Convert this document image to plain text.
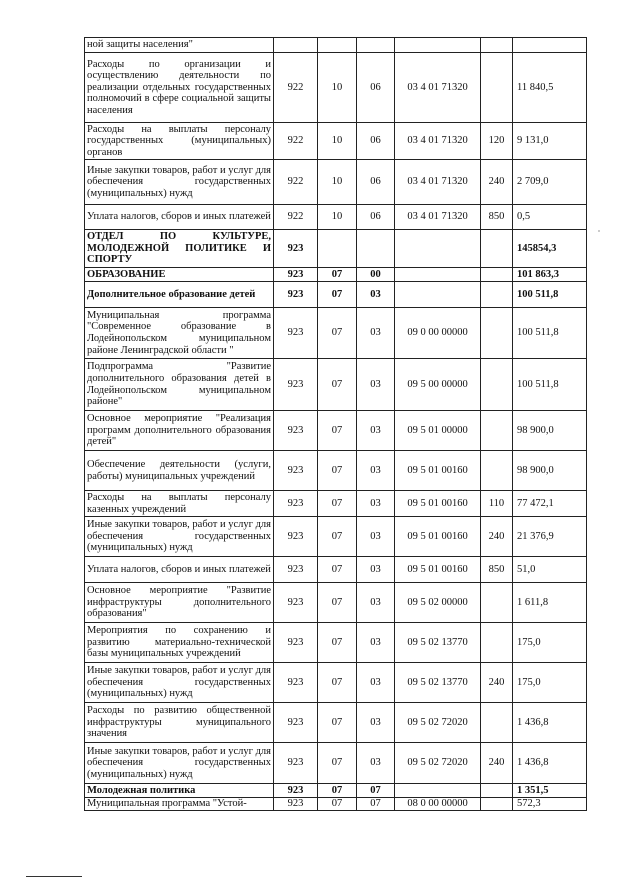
ной защиты населения"						
Расходы по организации и осуществлению деятельности по реализации отдельных государственных полномочий в сфере социальной защиты населения	922	10	06	03 4 01 71320		11 840,5
Расходы на выплаты персоналу государственных (муниципальных) органов	922	10	06	03 4 01 71320	120	9 131,0
Иные закупки товаров, работ и услуг для обеспечения государственных (муниципальных) нужд	922	10	06	03 4 01 71320	240	2 709,0
Уплата налогов, сборов и иных платежей	922	10	06	03 4 01 71320	850	0,5
ОТДЕЛ ПО КУЛЬТУРЕ, МОЛОДЕЖНОЙ ПОЛИТИКЕ И СПОРТУ	923					145854,3
ОБРАЗОВАНИЕ	923	07	00			101 863,3
Дополнительное образование детей	923	07	03			100 511,8
Муниципальная программа "Современное образование в Лодейнопольском муниципальном районе Ленинградской области "	923	07	03	09 0 00 00000		100 511,8
Подпрограмма "Развитие дополнительного образования детей в Лодейнопольском муниципальном районе"	923	07	03	09 5 00 00000		100 511,8
Основное мероприятие "Реализация программ дополнительного образования детей"	923	07	03	09 5 01 00000		98 900,0
Обеспечение деятельности (услуги, работы) муниципальных учреждений	923	07	03	09 5 01 00160		98 900,0
Расходы на выплаты персоналу казенных учреждений	923	07	03	09 5 01 00160	110	77 472,1
Иные закупки товаров, работ и услуг для обеспечения государственных (муниципальных) нужд	923	07	03	09 5 01 00160	240	21 376,9
Уплата налогов, сборов и иных платежей	923	07	03	09 5 01 00160	850	51,0
Основное мероприятие "Развитие инфраструктуры дополнительного образования"	923	07	03	09 5 02 00000		1 611,8
Мероприятия по сохранению и развитию материально-технической базы муниципальных учреждений	923	07	03	09 5 02 13770		175,0
Иные закупки товаров, работ и услуг для обеспечения государственных (муниципальных) нужд	923	07	03	09 5 02 13770	240	175,0
Расходы по развитию общественной инфраструктуры муниципального значения	923	07	03	09 5 02 72020		1 436,8
Иные закупки товаров, работ и услуг для обеспечения государственных (муниципальных) нужд	923	07	03	09 5 02 72020	240	1 436,8
Молодежная политика	923	07	07			1 351,5
Муниципальная программа "Устой-	923	07	07	08 0 00 00000		572,3
